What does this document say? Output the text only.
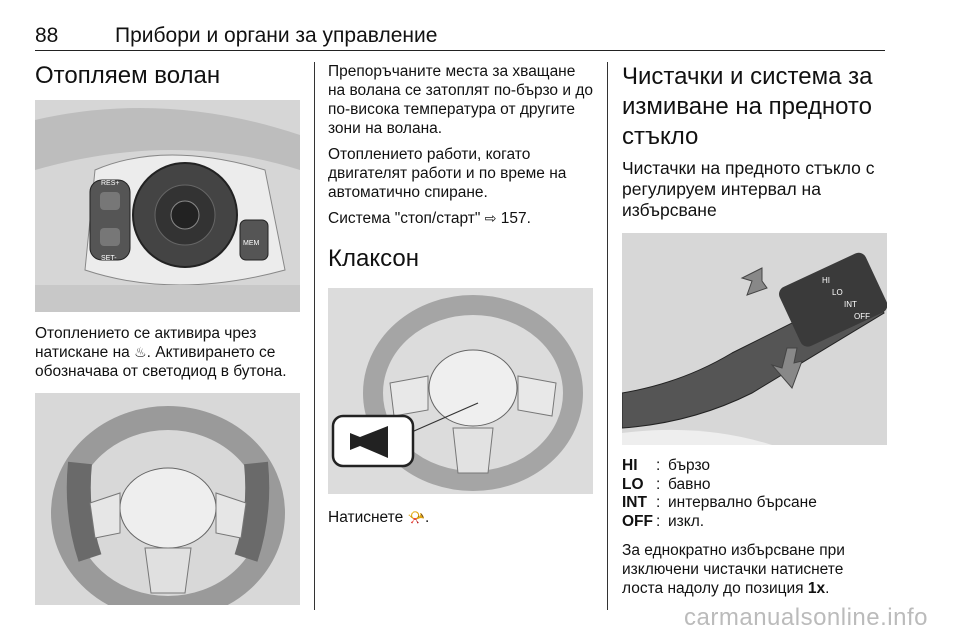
88	Прибори и органи за управление
Отопляем волан
RES+
SET-
MEM

Отоплението се активира чрез натискане на ♨. Активирането се обозначава от светодиод в бутона.

Препоръчаните места за хващане на волана се затоплят по-бързо и до по-висока температура от другите зони на волана.

Отоплението работи, когато двигателят работи и по време на автоматично спиране.

Система "стоп/старт" ⇨ 157.

Клаксон

Натиснете 📯.

Чистачки и система за измиване на предното стъкло
Чистачки на предното стъкло с регулируем интервал на избърсване
HI
LO
INT
OFF
HI	: бързо
LO : бавно
INT : интервално бърсане
OFF : изкл.

За еднократно избърсване при изключени чистачки натиснете лоста надолу до позиция 1x.

carmanualsonline.info
